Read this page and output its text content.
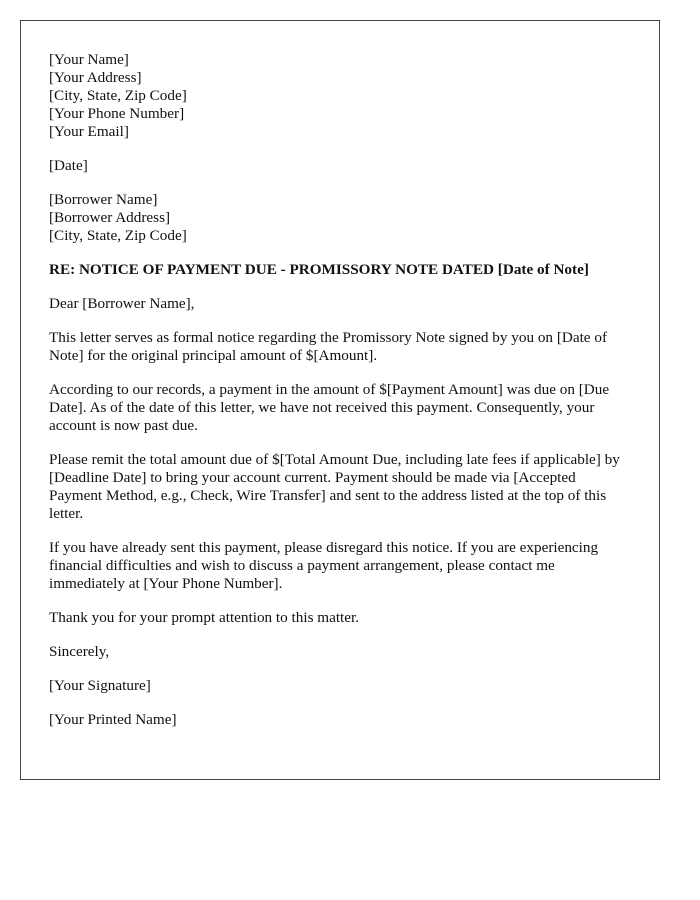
[Your Name]
[Your Address]
[City, State, Zip Code]
[Your Phone Number]
[Your Email]
[Date]
[Borrower Name]
[Borrower Address]
[City, State, Zip Code]
RE: NOTICE OF PAYMENT DUE - PROMISSORY NOTE DATED [Date of Note]

Dear [Borrower Name],

This letter serves as formal notice regarding the Promissory Note signed by you on [Date of Note] for the original principal amount of $[Amount].

According to our records, a payment in the amount of $[Payment Amount] was due on [Due Date]. As of the date of this letter, we have not received this payment. Consequently, your account is now past due.

Please remit the total amount due of $[Total Amount Due, including late fees if applicable] by [Deadline Date] to bring your account current. Payment should be made via [Accepted Payment Method, e.g., Check, Wire Transfer] and sent to the address listed at the top of this letter.

If you have already sent this payment, please disregard this notice. If you are experiencing financial difficulties and wish to discuss a payment arrangement, please contact me immediately at [Your Phone Number].

Thank you for your prompt attention to this matter.

Sincerely,

[Your Signature]

[Your Printed Name]
